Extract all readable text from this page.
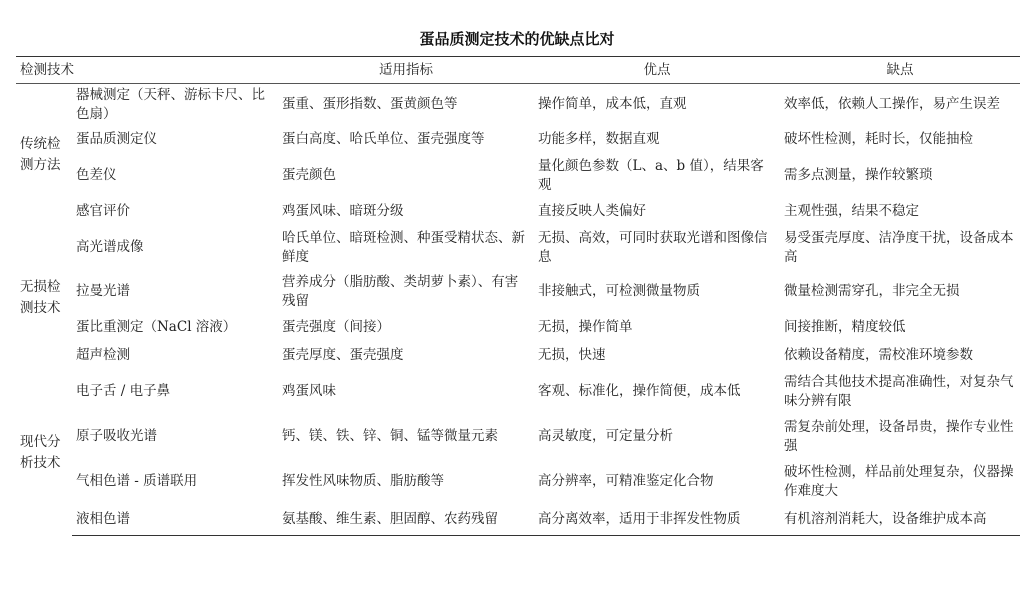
蛋品质测定技术的优缺点比对
检测技术		适用指标	优点	缺点
传统检测方法	器械测定（天秤、游标卡尺、比色扇）	蛋重、蛋形指数、蛋黄颜色等	操作简单，成本低，直观	效率低，依赖人工操作，易产生误差
	蛋品质测定仪	蛋白高度、哈氏单位、蛋壳强度等	功能多样，数据直观	破坏性检测，耗时长，仅能抽检
	色差仪	蛋壳颜色	量化颜色参数（L、a、b 值），结果客观	需多点测量，操作较繁琐
	感官评价	鸡蛋风味、暗斑分级	直接反映人类偏好	主观性强，结果不稳定
无损检测技术	高光谱成像	哈氏单位、暗斑检测、种蛋受精状态、新鲜度	无损、高效，可同时获取光谱和图像信息	易受蛋壳厚度、洁净度干扰，设备成本高
	拉曼光谱	营养成分（脂肪酸、类胡萝卜素）、有害残留	非接触式，可检测微量物质	微量检测需穿孔，非完全无损
	蛋比重测定（NaCl 溶液）	蛋壳强度（间接）	无损，操作简单	间接推断，精度较低
	超声检测	蛋壳厚度、蛋壳强度	无损，快速	依赖设备精度，需校准环境参数
现代分析技术	电子舌 / 电子鼻	鸡蛋风味	客观、标准化，操作简便，成本低	需结合其他技术提高准确性，对复杂气味分辨有限
	原子吸收光谱	钙、镁、铁、锌、铜、锰等微量元素	高灵敏度，可定量分析	需复杂前处理，设备昂贵，操作专业性强
	气相色谱 - 质谱联用	挥发性风味物质、脂肪酸等	高分辨率，可精准鉴定化合物	破坏性检测，样品前处理复杂，仪器操作难度大
	液相色谱	氨基酸、维生素、胆固醇、农药残留	高分离效率，适用于非挥发性物质	有机溶剂消耗大，设备维护成本高
